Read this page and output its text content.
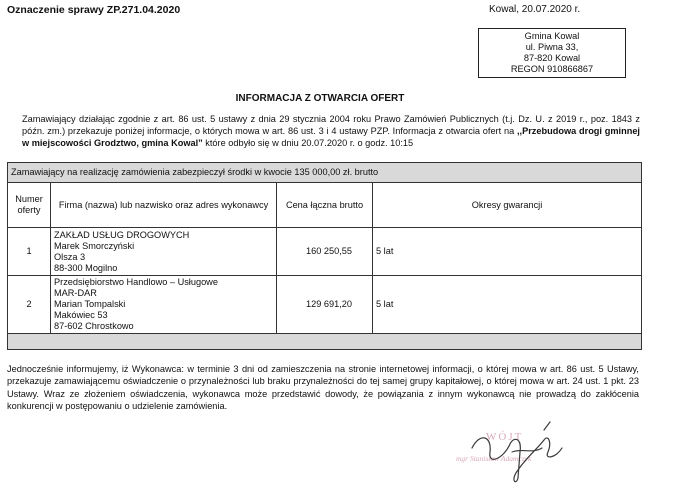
Oznaczenie sprawy ZP.271.04.2020	Kowal, 20.07.2020 r.
Gmina Kowal
ul. Piwna 33,
87-820 Kowal
REGON 910866867
INFORMACJA Z OTWARCIA OFERT
Zamawiający działając zgodnie z art. 86 ust. 5 ustawy z dnia 29 stycznia 2004 roku Prawo Zamówień Publicznych (t.j. Dz. U. z 2019 r., poz. 1843 z późn. zm.) przekazuje poniżej informacje, o których mowa w art. 86 ust. 3 i 4 ustawy PZP. Informacja z otwarcia ofert na ,,Przebudowa drogi gminnej w miejscowości Grodztwo, gmina Kowal” które odbyło się w dniu 20.07.2020 r. o godz. 10:15
Zamawiający na realizację zamówienia zabezpieczył środki w kwocie 135 000,00 zł. brutto			
Numer oferty	Firma (nazwa) lub nazwisko oraz adres wykonawcy	Cena łączna brutto	Okresy gwarancji
1	ZAKŁAD USŁUG DROGOWYCH
Marek Smorczyński
Olsza 3
88-300 Mogilno	160 250,55	5 lat
2	Przedsiębiorstwo Handlowo – Usługowe
MAR-DAR
Marian Tompalski
Makówiec 53
87-602 Chrostkowo	129 691,20	5 lat

Jednocześnie informujemy, iż Wykonawca: w terminie 3 dni od zamieszczenia na stronie internetowej informacji, o której mowa w art. 86 ust. 5 Ustawy, przekazuje zamawiającemu oświadczenie o przynależności lub braku przynależności do tej samej grupy kapitałowej, o której mowa w art. 24 ust. 1 pkt. 23 Ustawy. Wraz ze złożeniem oświadczenia, wykonawca może przedstawić dowody, że powiązania z innym wykonawcą nie prowadzą do zakłócenia konkurencji w postępowaniu o udzielenie zamówienia.
WÓJT
mgr Stanisław Adamczyk
